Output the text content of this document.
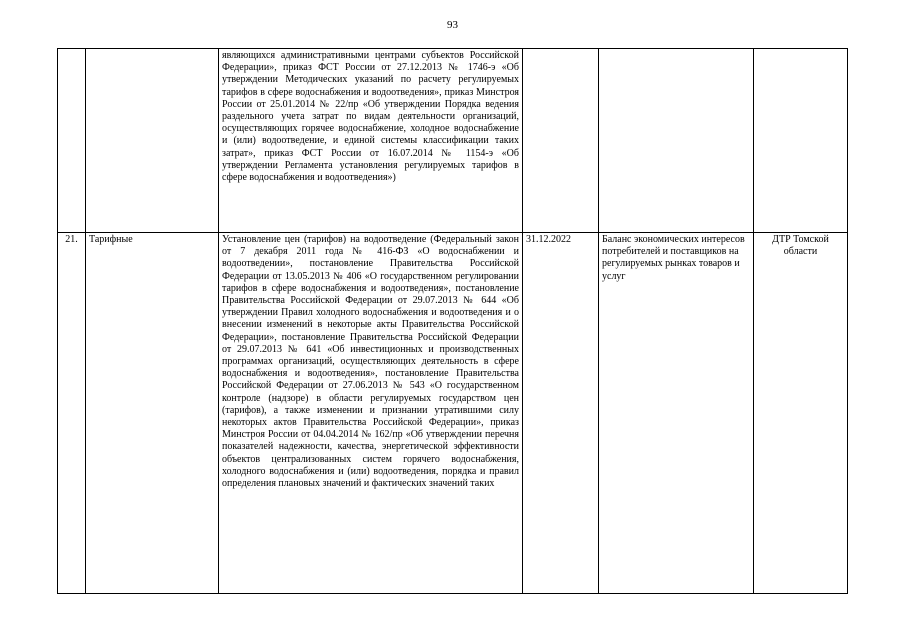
93
		являющихся административными центрами субъектов Российской Федерации», приказ ФСТ России от 27.12.2013 № 1746-э «Об утверждении Методических указаний по расчету регулируемых тарифов в сфере водоснабжения и водоотведения», приказ Минстроя России от 25.01.2014 № 22/пр «Об утверждении Порядка ведения раздельного учета затрат по видам деятельности организаций, осуществляющих горячее водоснабжение, холодное водоснабжение и (или) водоотведение, и единой системы классификации таких затрат», приказ ФСТ России от 16.07.2014 № 1154-э «Об утверждении Регламента установления регулируемых тарифов в сфере водоснабжения и водоотведения»)			
21.	Тарифные	Установление цен (тарифов) на водоотведение (Федеральный закон от 7 декабря 2011 года № 416-ФЗ «О водоснабжении и водоотведении», постановление Правительства Российской Федерации от 13.05.2013 № 406 «О государственном регулировании тарифов в сфере водоснабжения и водоотведения», постановление Правительства Российской Федерации от 29.07.2013 № 644 «Об утверждении Правил холодного водоснабжения и водоотведения и о внесении изменений в некоторые акты Правительства Российской Федерации», постановление Правительства Российской Федерации от 29.07.2013 № 641 «Об инвестиционных и производственных программах организаций, осуществляющих деятельность в сфере водоснабжения и водоотведения», постановление Правительства Российской Федерации от 27.06.2013 № 543 «О государственном контроле (надзоре) в области регулируемых государством цен (тарифов), а также изменении и признании утратившими силу некоторых актов Правительства Российской Федерации», приказ Минстроя России от 04.04.2014 № 162/пр «Об утверждении перечня показателей надежности, качества, энергетической эффективности объектов централизованных систем горячего водоснабжения, холодного водоснабжения и (или) водоотведения, порядка и правил определения плановых значений и фактических значений таких	31.12.2022	Баланс экономических интересов потребителей и поставщиков на регулируемых рынках товаров и услуг	ДТР Томской области
